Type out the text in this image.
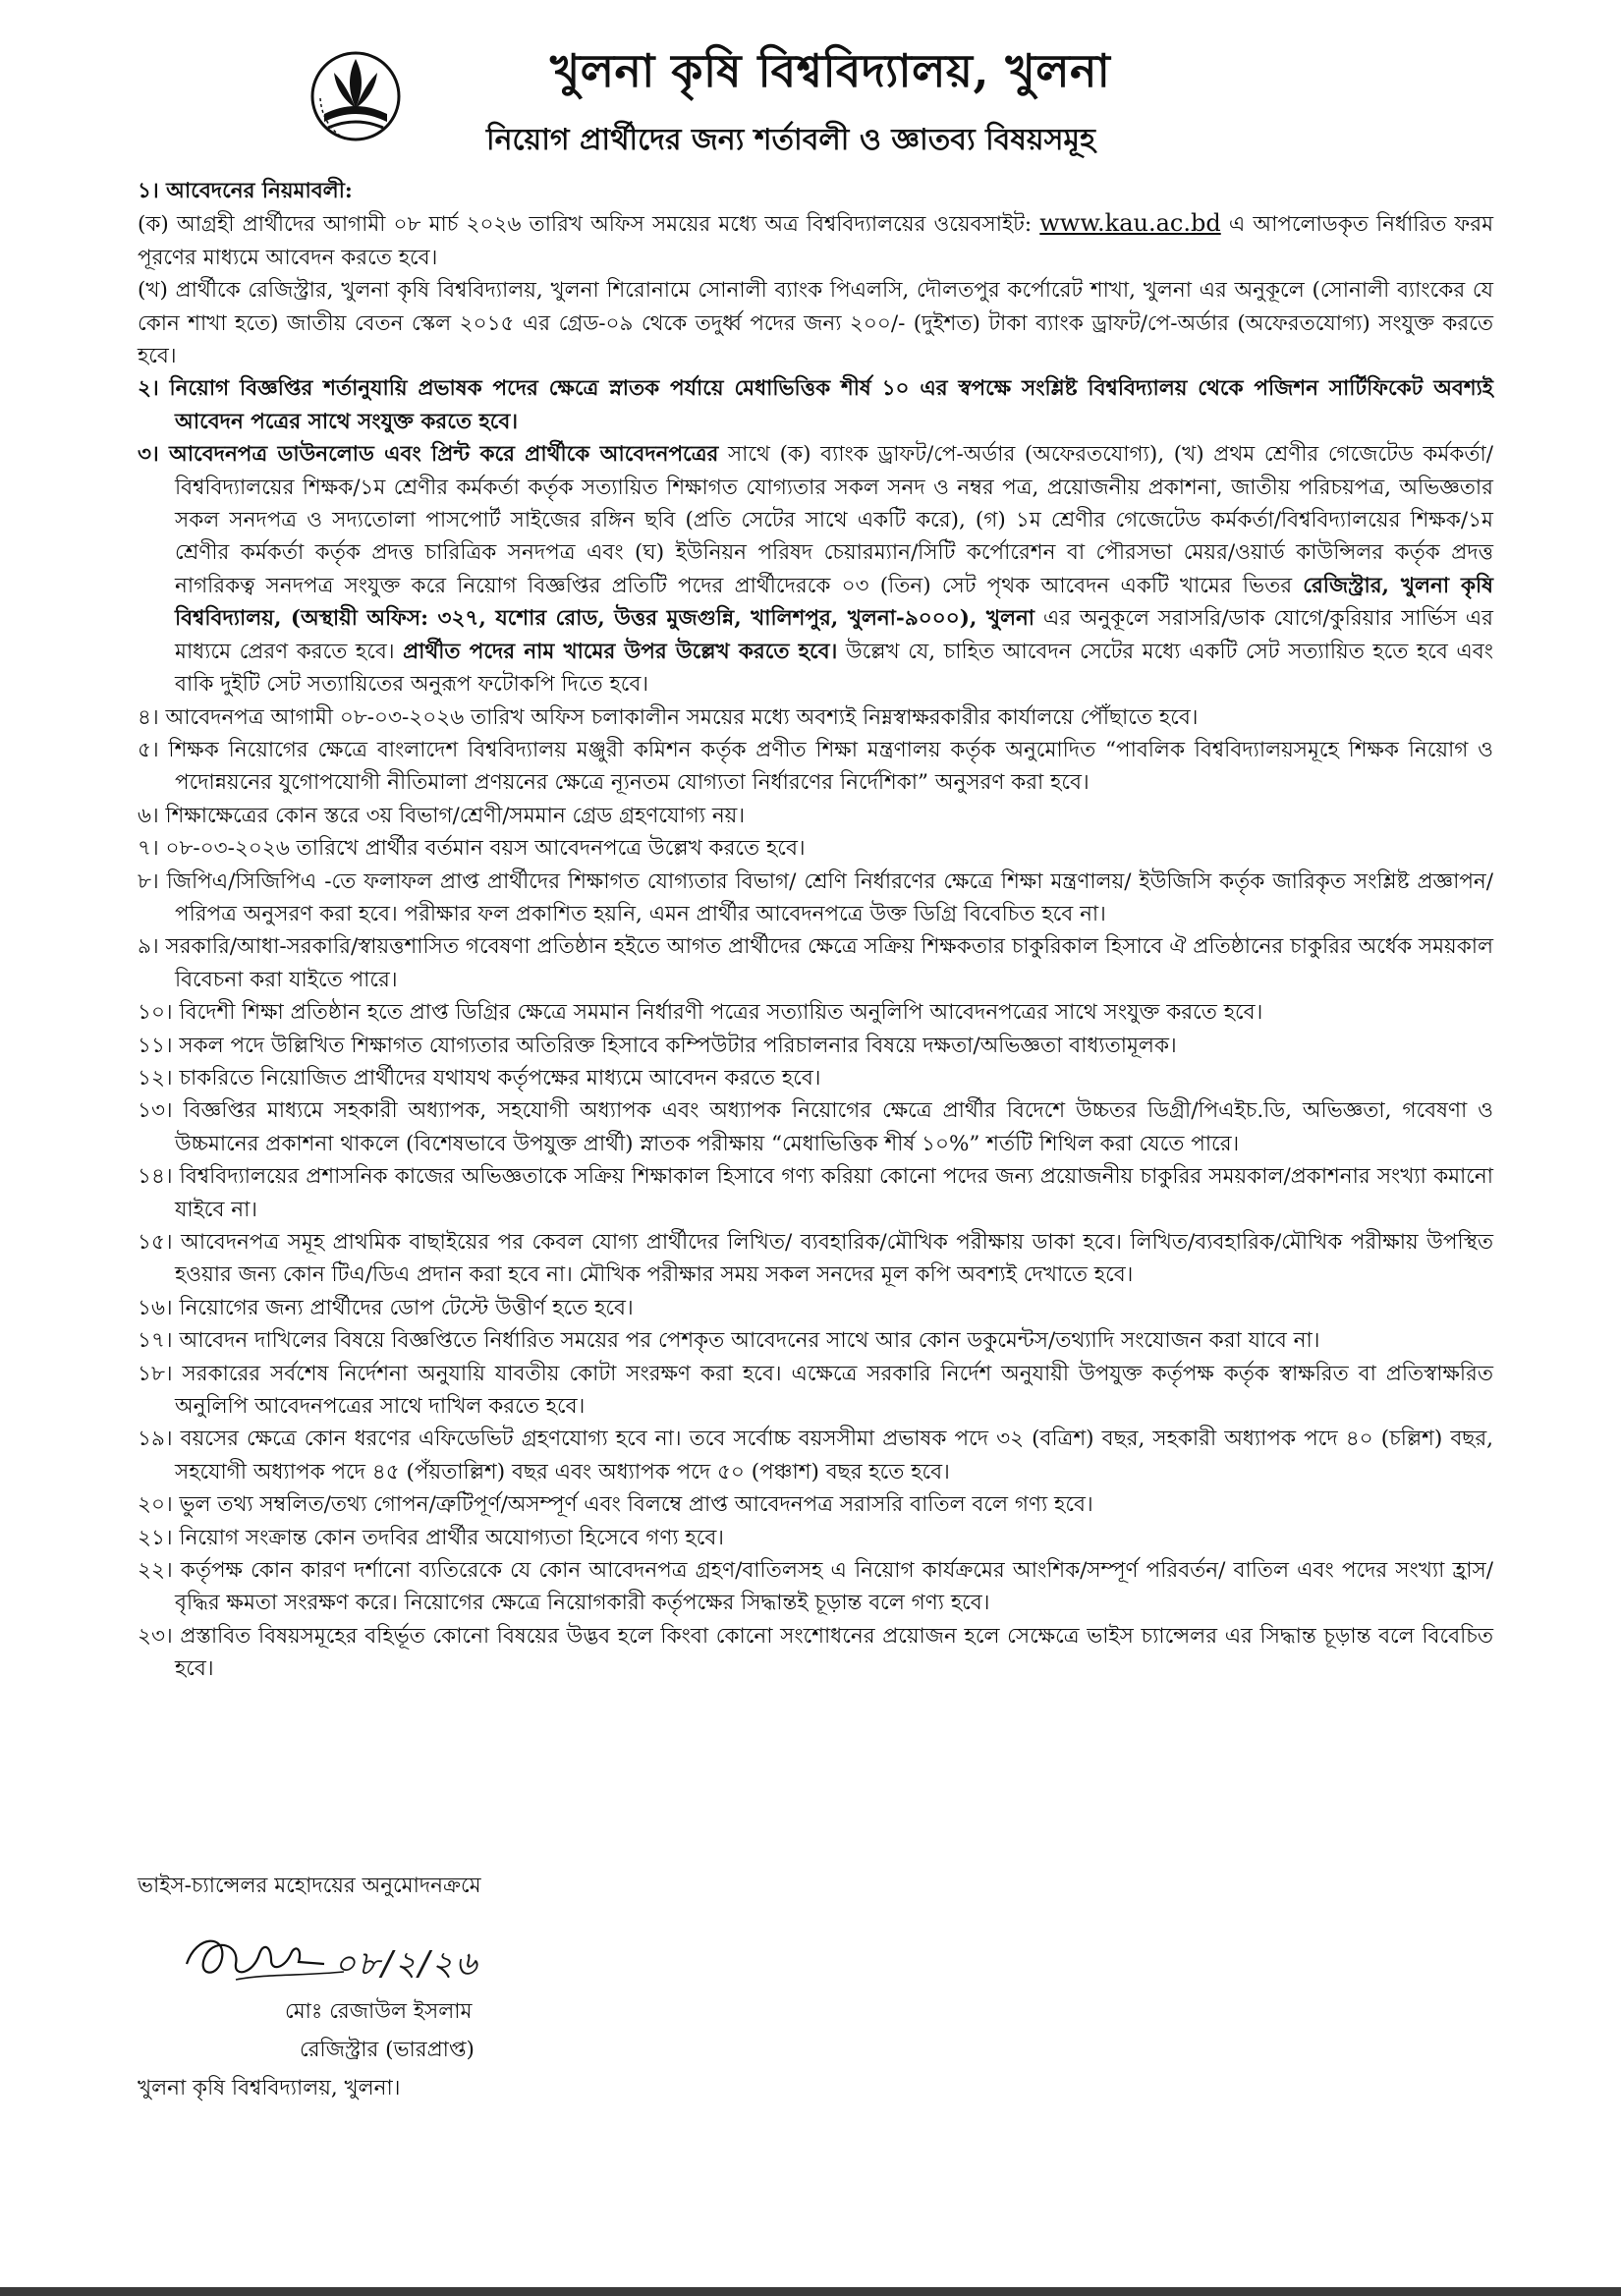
খুলনা কৃষি বিশ্ববিদ্যালয়, খুলনা
নিয়োগ প্রার্থীদের জন্য শর্তাবলী ও জ্ঞাতব্য বিষয়সমূহ

১। আবেদনের নিয়মাবলী:

(ক) আগ্রহী প্রার্থীদের আগামী ০৮ মার্চ ২০২৬ তারিখ অফিস সময়ের মধ্যে অত্র বিশ্ববিদ্যালয়ের ওয়েবসাইট: www.kau.ac.bd এ আপলোডকৃত নির্ধারিত ফরম পূরণের মাধ্যমে আবেদন করতে হবে।

(খ) প্রার্থীকে রেজিস্ট্রার, খুলনা কৃষি বিশ্ববিদ্যালয়, খুলনা শিরোনামে সোনালী ব্যাংক পিএলসি, দৌলতপুর কর্পোরেট শাখা, খুলনা এর অনুকূলে (সোনালী ব্যাংকের যে কোন শাখা হতে) জাতীয় বেতন স্কেল ২০১৫ এর গ্রেড-০৯ থেকে তদুর্ধ্ব পদের জন্য ২০০/- (দুইশত) টাকা ব্যাংক ড্রাফট/পে-অর্ডার (অফেরতযোগ্য) সংযুক্ত করতে হবে।

২। নিয়োগ বিজ্ঞপ্তির শর্তানুযায়ি প্রভাষক পদের ক্ষেত্রে স্নাতক পর্যায়ে মেধাভিত্তিক শীর্ষ ১০ এর স্বপক্ষে সংশ্লিষ্ট বিশ্ববিদ্যালয় থেকে পজিশন সার্টিফিকেট অবশ্যই আবেদন পত্রের সাথে সংযুক্ত করতে হবে।

৩। আবেদনপত্র ডাউনলোড এবং প্রিন্ট করে প্রার্থীকে আবেদনপত্রের সাথে (ক) ব্যাংক ড্রাফট/পে-অর্ডার (অফেরতযোগ্য), (খ) প্রথম শ্রেণীর গেজেটেড কর্মকর্তা/বিশ্ববিদ্যালয়ের শিক্ষক/১ম শ্রেণীর কর্মকর্তা কর্তৃক সত্যায়িত শিক্ষাগত যোগ্যতার সকল সনদ ও নম্বর পত্র, প্রয়োজনীয় প্রকাশনা, জাতীয় পরিচয়পত্র, অভিজ্ঞতার সকল সনদপত্র ও সদ্যতোলা পাসপোর্ট সাইজের রঙ্গিন ছবি (প্রতি সেটের সাথে একটি করে), (গ) ১ম শ্রেণীর গেজেটেড কর্মকর্তা/বিশ্ববিদ্যালয়ের শিক্ষক/১ম শ্রেণীর কর্মকর্তা কর্তৃক প্রদত্ত চারিত্রিক সনদপত্র এবং (ঘ) ইউনিয়ন পরিষদ চেয়ারম্যান/সিটি কর্পোরেশন বা পৌরসভা মেয়র/ওয়ার্ড কাউন্সিলর কর্তৃক প্রদত্ত নাগরিকত্ব সনদপত্র সংযুক্ত করে নিয়োগ বিজ্ঞপ্তির প্রতিটি পদের প্রার্থীদেরকে ০৩ (তিন) সেট পৃথক আবেদন একটি খামের ভিতর রেজিস্ট্রার, খুলনা কৃষি বিশ্ববিদ্যালয়, (অস্থায়ী অফিস: ৩২৭, যশোর রোড, উত্তর মুজগুন্নি, খালিশপুর, খুলনা-৯০০০), খুলনা এর অনুকূলে সরাসরি/ডাক যোগে/কুরিয়ার সার্ভিস এর মাধ্যমে প্রেরণ করতে হবে। প্রার্থীত পদের নাম খামের উপর উল্লেখ করতে হবে। উল্লেখ যে, চাহিত আবেদন সেটের মধ্যে একটি সেট সত্যায়িত হতে হবে এবং বাকি দুইটি সেট সত্যায়িতের অনুরূপ ফটোকপি দিতে হবে।

৪। আবেদনপত্র আগামী ০৮-০৩-২০২৬ তারিখ অফিস চলাকালীন সময়ের মধ্যে অবশ্যই নিম্নস্বাক্ষরকারীর কার্যালয়ে পৌঁছাতে হবে।

৫। শিক্ষক নিয়োগের ক্ষেত্রে বাংলাদেশ বিশ্ববিদ্যালয় মঞ্জুরী কমিশন কর্তৃক প্রণীত শিক্ষা মন্ত্রণালয় কর্তৃক অনুমোদিত “পাবলিক বিশ্ববিদ্যালয়সমূহে শিক্ষক নিয়োগ ও পদোন্নয়নের যুগোপযোগী নীতিমালা প্রণয়নের ক্ষেত্রে ন্যূনতম যোগ্যতা নির্ধারণের নির্দেশিকা” অনুসরণ করা হবে।

৬। শিক্ষাক্ষেত্রের কোন স্তরে ৩য় বিভাগ/শ্রেণী/সমমান গ্রেড গ্রহণযোগ্য নয়।

৭। ০৮-০৩-২০২৬ তারিখে প্রার্থীর বর্তমান বয়স আবেদনপত্রে উল্লেখ করতে হবে।

৮। জিপিএ/সিজিপিএ -তে ফলাফল প্রাপ্ত প্রার্থীদের শিক্ষাগত যোগ্যতার বিভাগ/ শ্রেণি নির্ধারণের ক্ষেত্রে শিক্ষা মন্ত্রণালয়/ ইউজিসি কর্তৃক জারিকৃত সংশ্লিষ্ট প্রজ্ঞাপন/ পরিপত্র অনুসরণ করা হবে। পরীক্ষার ফল প্রকাশিত হয়নি, এমন প্রার্থীর আবেদনপত্রে উক্ত ডিগ্রি বিবেচিত হবে না।

৯। সরকারি/আধা-সরকারি/স্বায়ত্তশাসিত গবেষণা প্রতিষ্ঠান হইতে আগত প্রার্থীদের ক্ষেত্রে সক্রিয় শিক্ষকতার চাকুরিকাল হিসাবে ঐ প্রতিষ্ঠানের চাকুরির অর্ধেক সময়কাল বিবেচনা করা যাইতে পারে।

১০। বিদেশী শিক্ষা প্রতিষ্ঠান হতে প্রাপ্ত ডিগ্রির ক্ষেত্রে সমমান নির্ধারণী পত্রের সত্যায়িত অনুলিপি আবেদনপত্রের সাথে সংযুক্ত করতে হবে।

১১। সকল পদে উল্লিখিত শিক্ষাগত যোগ্যতার অতিরিক্ত হিসাবে কম্পিউটার পরিচালনার বিষয়ে দক্ষতা/অভিজ্ঞতা বাধ্যতামূলক।

১২। চাকরিতে নিয়োজিত প্রার্থীদের যথাযথ কর্তৃপক্ষের মাধ্যমে আবেদন করতে হবে।

১৩। বিজ্ঞপ্তির মাধ্যমে সহকারী অধ্যাপক, সহযোগী অধ্যাপক এবং অধ্যাপক নিয়োগের ক্ষেত্রে প্রার্থীর বিদেশে উচ্চতর ডিগ্রী/পিএইচ.ডি, অভিজ্ঞতা, গবেষণা ও উচ্চমানের প্রকাশনা থাকলে (বিশেষভাবে উপযুক্ত প্রার্থী) স্নাতক পরীক্ষায় “মেধাভিত্তিক শীর্ষ ১০%” শর্তটি শিথিল করা যেতে পারে।

১৪। বিশ্ববিদ্যালয়ের প্রশাসনিক কাজের অভিজ্ঞতাকে সক্রিয় শিক্ষাকাল হিসাবে গণ্য করিয়া কোনো পদের জন্য প্রয়োজনীয় চাকুরির সময়কাল/প্রকাশনার সংখ্যা কমানো যাইবে না।

১৫। আবেদনপত্র সমূহ প্রাথমিক বাছাইয়ের পর কেবল যোগ্য প্রার্থীদের লিখিত/ ব্যবহারিক/মৌখিক পরীক্ষায় ডাকা হবে। লিখিত/ব্যবহারিক/মৌখিক পরীক্ষায় উপস্থিত হওয়ার জন্য কোন টিএ/ডিএ প্রদান করা হবে না। মৌখিক পরীক্ষার সময় সকল সনদের মূল কপি অবশ্যই দেখাতে হবে।

১৬। নিয়োগের জন্য প্রার্থীদের ডোপ টেস্টে উত্তীর্ণ হতে হবে।

১৭। আবেদন দাখিলের বিষয়ে বিজ্ঞপ্তিতে নির্ধারিত সময়ের পর পেশকৃত আবেদনের সাথে আর কোন ডকুমেন্টস/তথ্যাদি সংযোজন করা যাবে না।

১৮। সরকারের সর্বশেষ নির্দেশনা অনুযায়ি যাবতীয় কোটা সংরক্ষণ করা হবে। এক্ষেত্রে সরকারি নির্দেশ অনুযায়ী উপযুক্ত কর্তৃপক্ষ কর্তৃক স্বাক্ষরিত বা প্রতিস্বাক্ষরিত অনুলিপি আবেদনপত্রের সাথে দাখিল করতে হবে।

১৯। বয়সের ক্ষেত্রে কোন ধরণের এফিডেভিট গ্রহণযোগ্য হবে না। তবে সর্বোচ্চ বয়সসীমা প্রভাষক পদে ৩২ (বত্রিশ) বছর, সহকারী অধ্যাপক পদে ৪০ (চল্লিশ) বছর, সহযোগী অধ্যাপক পদে ৪৫ (পঁয়তাল্লিশ) বছর এবং অধ্যাপক পদে ৫০ (পঞ্চাশ) বছর হতে হবে।

২০। ভুল তথ্য সম্বলিত/তথ্য গোপন/ত্রুটিপূর্ণ/অসম্পূর্ণ এবং বিলম্বে প্রাপ্ত আবেদনপত্র সরাসরি বাতিল বলে গণ্য হবে।

২১। নিয়োগ সংক্রান্ত কোন তদবির প্রার্থীর অযোগ্যতা হিসেবে গণ্য হবে।

২২। কর্তৃপক্ষ কোন কারণ দর্শানো ব্যতিরেকে যে কোন আবেদনপত্র গ্রহণ/বাতিলসহ এ নিয়োগ কার্যক্রমের আংশিক/সম্পূর্ণ পরিবর্তন/ বাতিল এবং পদের সংখ্যা হ্রাস/বৃদ্ধির ক্ষমতা সংরক্ষণ করে। নিয়োগের ক্ষেত্রে নিয়োগকারী কর্তৃপক্ষের সিদ্ধান্তই চূড়ান্ত বলে গণ্য হবে।

২৩। প্রস্তাবিত বিষয়সমূহের বহির্ভূত কোনো বিষয়ের উদ্ভব হলে কিংবা কোনো সংশোধনের প্রয়োজন হলে সেক্ষেত্রে ভাইস চ্যান্সেলর এর সিদ্ধান্ত চূড়ান্ত বলে বিবেচিত হবে।

ভাইস-চ্যান্সেলর মহোদয়ের অনুমোদনক্রমে
০৮/২/২৬
মোঃ রেজাউল ইসলাম
রেজিস্ট্রার (ভারপ্রাপ্ত)
খুলনা কৃষি বিশ্ববিদ্যালয়, খুলনা।
